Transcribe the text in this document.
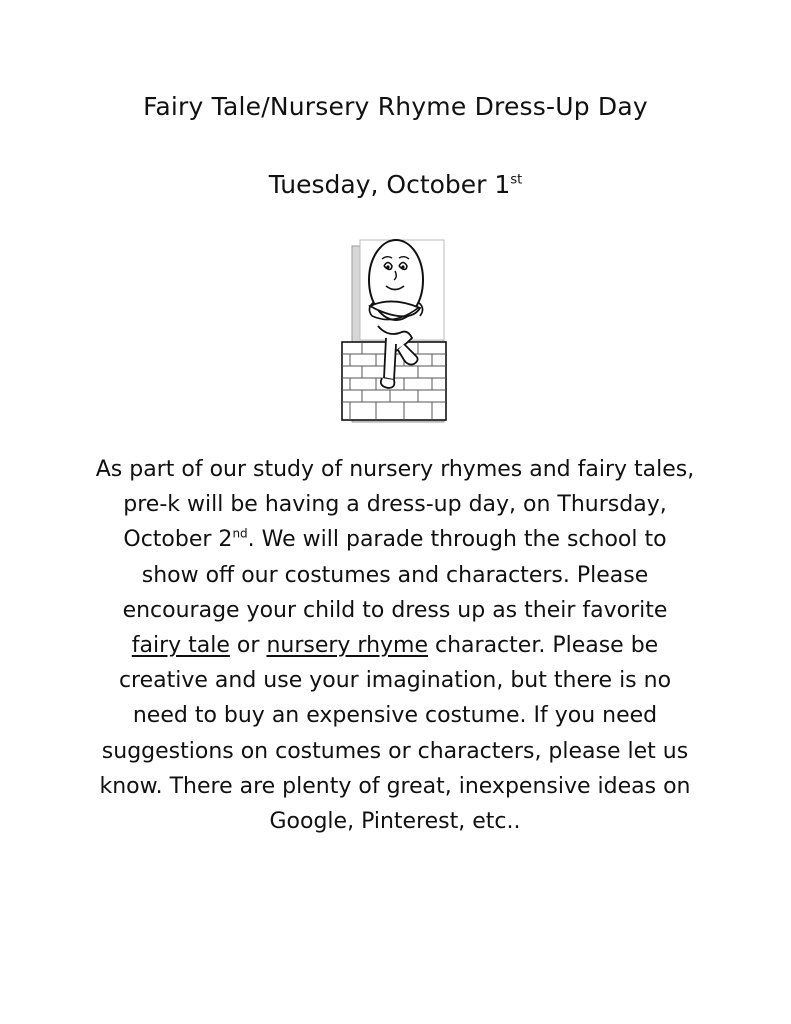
Fairy Tale/Nursery Rhyme Dress-Up Day
Tuesday, October 1st
As part of our study of nursery rhymes and fairy tales, pre-k will be having a dress-up day, on Thursday, October 2nd. We will parade through the school to show off our costumes and characters. Please encourage your child to dress up as their favorite fairy tale or nursery rhyme character. Please be creative and use your imagination, but there is no need to buy an expensive costume. If you need suggestions on costumes or characters, please let us know. There are plenty of great, inexpensive ideas on Google, Pinterest, etc..
